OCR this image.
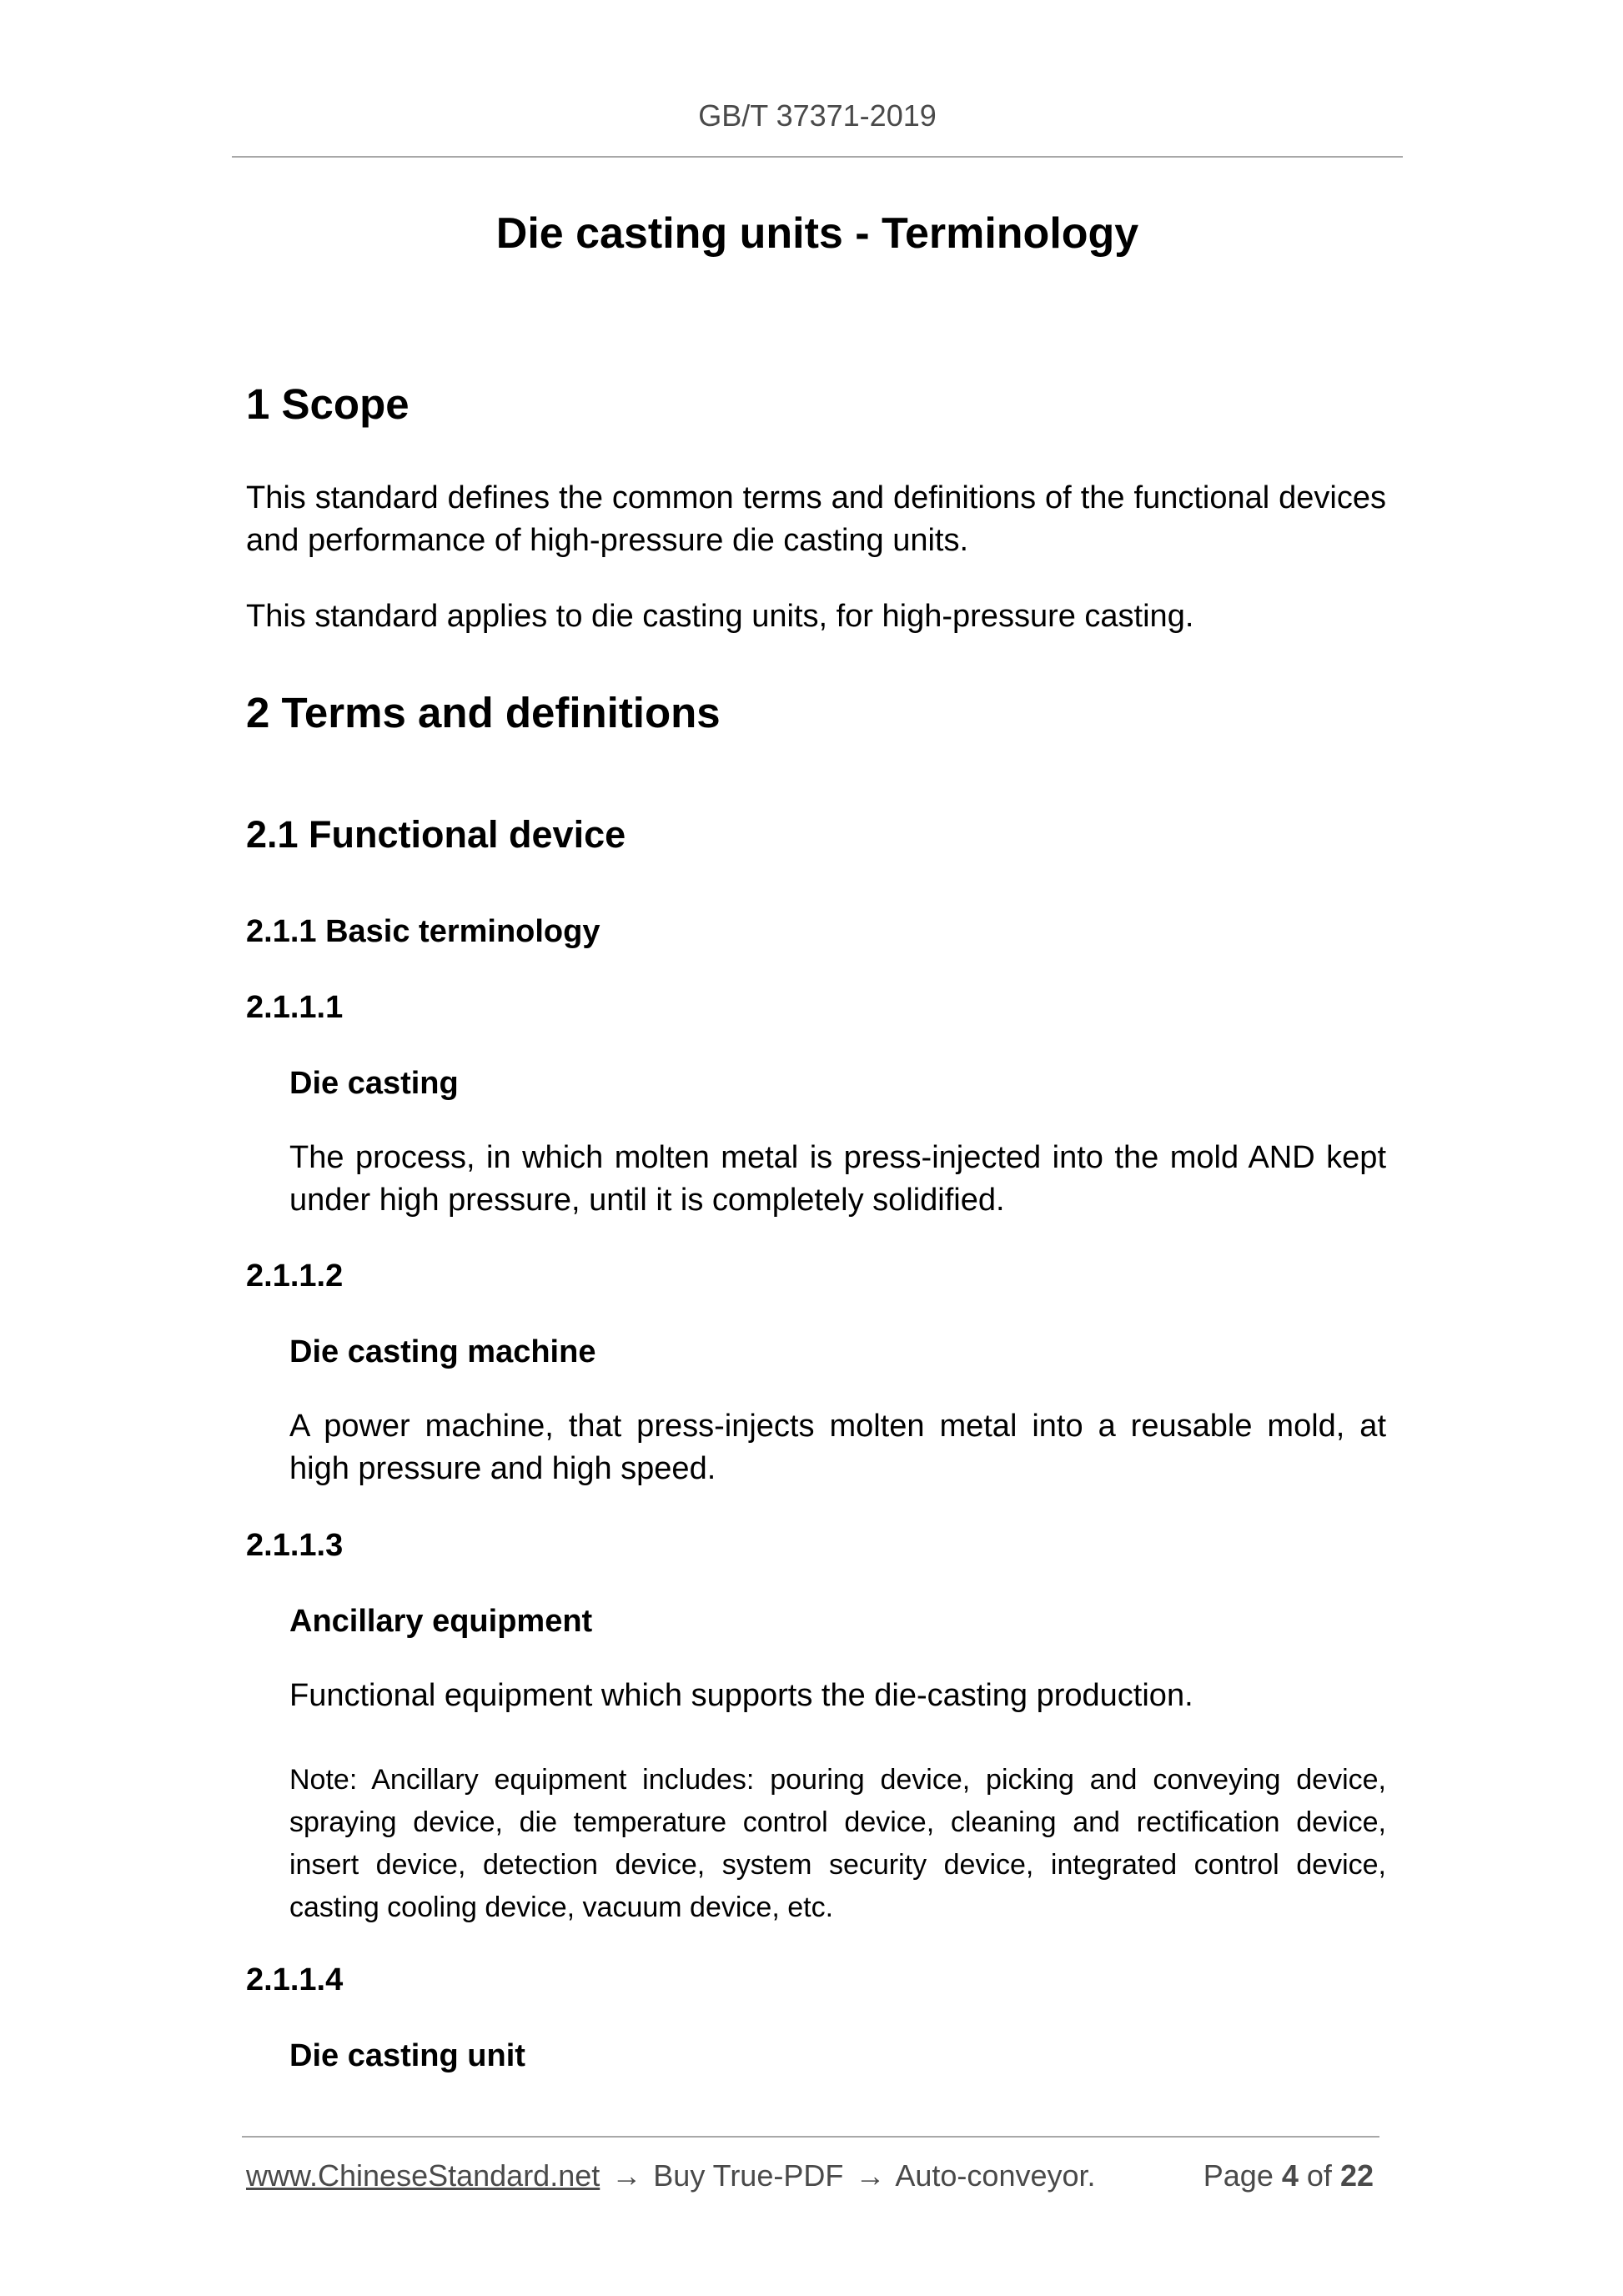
GB/T 37371-2019
Die casting units - Terminology
1 Scope

This standard defines the common terms and definitions of the functional devices and performance of high-pressure die casting units.

This standard applies to die casting units, for high-pressure casting.

2 Terms and definitions
2.1 Functional device
2.1.1 Basic terminology
2.1.1.1
Die casting

The process, in which molten metal is press-injected into the mold AND kept under high pressure, until it is completely solidified.

2.1.1.2
Die casting machine

A power machine, that press-injects molten metal into a reusable mold, at high pressure and high speed.

2.1.1.3
Ancillary equipment

Functional equipment which supports the die-casting production.

Note: Ancillary equipment includes: pouring device, picking and conveying device, spraying device, die temperature control device, cleaning and rectification device, insert device, detection device, system security device, integrated control device, casting cooling device, vacuum device, etc.

2.1.1.4
Die casting unit
www.ChineseStandard.net → Buy True-PDF → Auto-conveyor.	Page 4 of 22
